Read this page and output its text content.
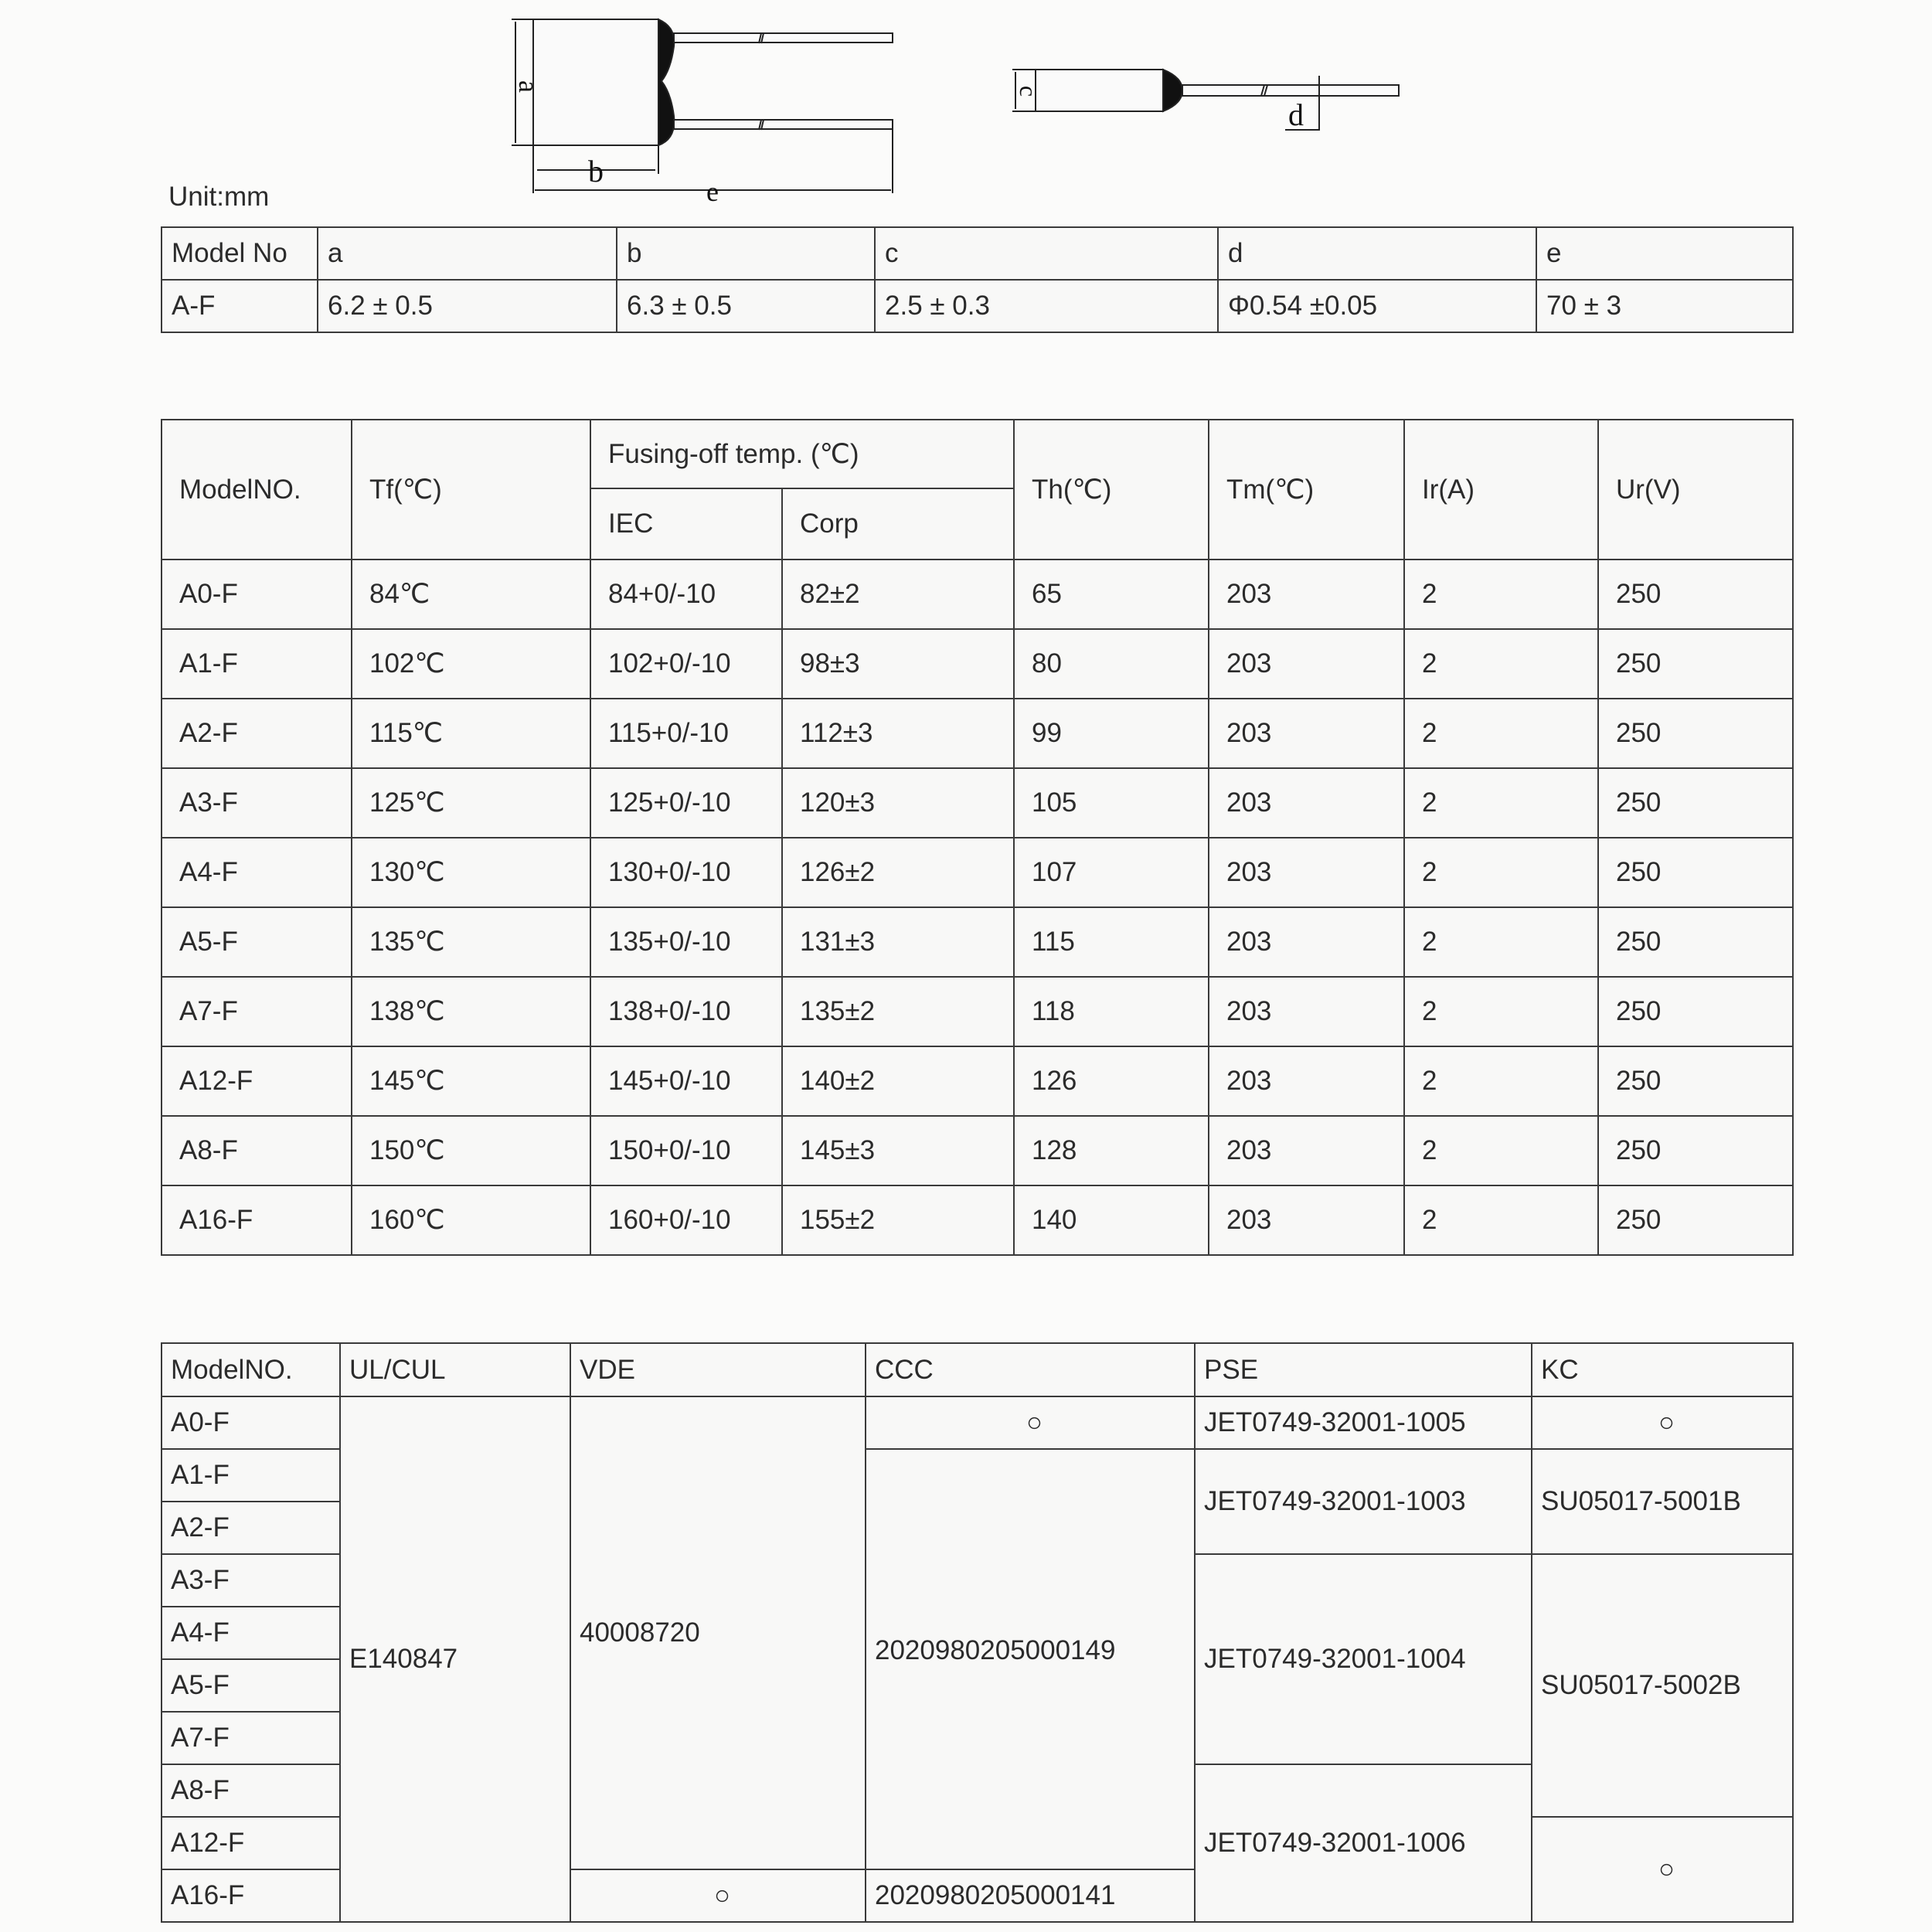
a
b
e
c
d
Unit:mm
Model No	a	b	c	d	e
A-F	6.2 ± 0.5	6.3 ± 0.5	2.5 ± 0.3	Φ0.54 ±0.05	70 ± 3
ModelNO.	Tf(℃)	Fusing-off temp. (℃)		Th(℃)	Tm(℃)	Ir(A)	Ur(V)
		IEC	Corp				
A0-F	84℃	84+0/-10	82±2	65	203	2	250
A1-F	102℃	102+0/-10	98±3	80	203	2	250
A2-F	115℃	115+0/-10	112±3	99	203	2	250
A3-F	125℃	125+0/-10	120±3	105	203	2	250
A4-F	130℃	130+0/-10	126±2	107	203	2	250
A5-F	135℃	135+0/-10	131±3	115	203	2	250
A7-F	138℃	138+0/-10	135±2	118	203	2	250
A12-F	145℃	145+0/-10	140±2	126	203	2	250
A8-F	150℃	150+0/-10	145±3	128	203	2	250
A16-F	160℃	160+0/-10	155±2	140	203	2	250
ModelNO.	UL/CUL	VDE	CCC	PSE	KC
A0-F	E140847	40008720	○	JET0749-32001-1005	○
A1-F			2020980205000149	JET0749-32001-1003	SU05017-5001B
A2-F					
A3-F				JET0749-32001-1004	SU05017-5002B
A4-F					
A5-F					
A7-F					
A8-F				JET0749-32001-1006	
A12-F					○
A16-F		○	2020980205000141		
